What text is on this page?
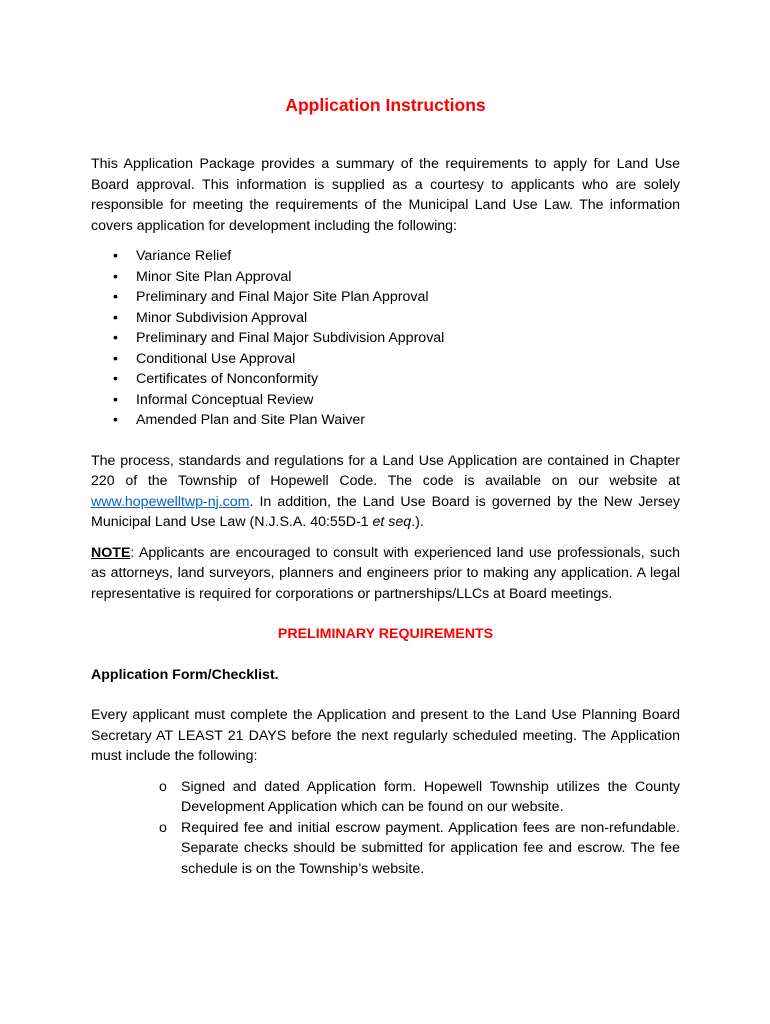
Application Instructions

This Application Package provides a summary of the requirements to apply for Land Use Board approval. This information is supplied as a courtesy to applicants who are solely responsible for meeting the requirements of the Municipal Land Use Law. The information covers application for development including the following:

• Variance Relief
• Minor Site Plan Approval
• Preliminary and Final Major Site Plan Approval
• Minor Subdivision Approval
• Preliminary and Final Major Subdivision Approval
• Conditional Use Approval
• Certificates of Nonconformity
• Informal Conceptual Review
• Amended Plan and Site Plan Waiver

The process, standards and regulations for a Land Use Application are contained in Chapter 220 of the Township of Hopewell Code. The code is available on our website at www.hopewelltwp-nj.com. In addition, the Land Use Board is governed by the New Jersey Municipal Land Use Law (N.J.S.A. 40:55D-1 et seq.).

NOTE: Applicants are encouraged to consult with experienced land use professionals, such as attorneys, land surveyors, planners and engineers prior to making any application. A legal representative is required for corporations or partnerships/LLCs at Board meetings.

PRELIMINARY REQUIREMENTS
Application Form/Checklist.

Every applicant must complete the Application and present to the Land Use Planning Board Secretary AT LEAST 21 DAYS before the next regularly scheduled meeting. The Application must include the following:

o Signed and dated Application form. Hopewell Township utilizes the County Development Application which can be found on our website.
o Required fee and initial escrow payment. Application fees are non-refundable. Separate checks should be submitted for application fee and escrow. The fee schedule is on the Township’s website.
